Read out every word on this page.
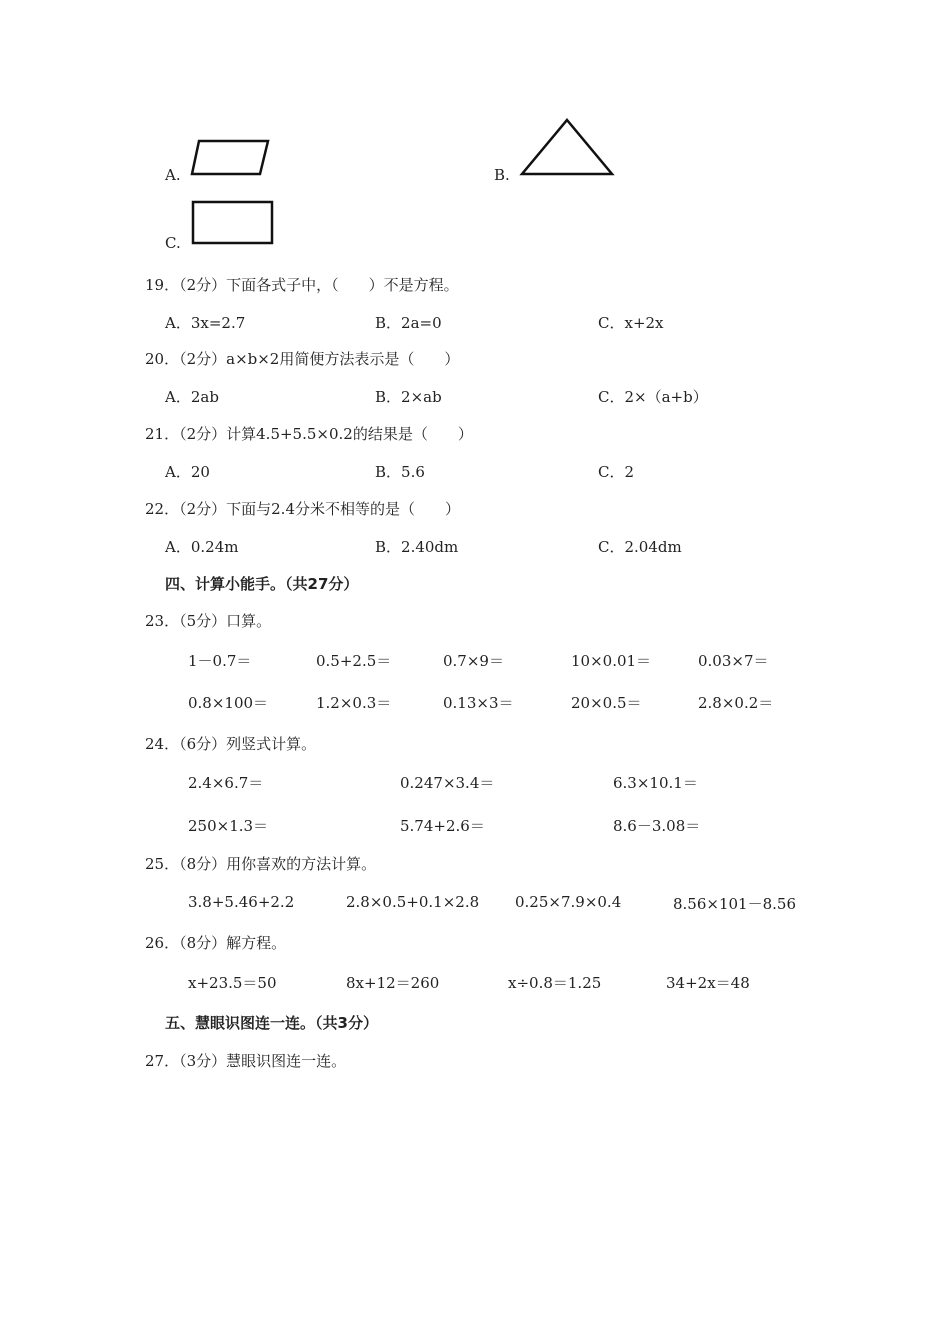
A.	B.
C.
19．（2分）下面各式子中，（　　）不是方程。
A．3x=2.7	B．2a=0	C．x+2x
20．（2分）a×b×2用简便方法表示是（　　）
A．2ab	B．2×ab	C．2×（a+b）
21．（2分）计算4.5+5.5×0.2的结果是（　　）
A．20	B．5.6	C．2
22．（2分）下面与2.4分米不相等的是（　　）
A．0.24m	B．2.40dm	C．2.04dm
四、计算小能手。（共27分）
23．（5分）口算。
1－0.7＝	0.5+2.5＝	0.7×9＝	10×0.01＝	0.03×7＝
0.8×100＝	1.2×0.3＝	0.13×3＝	20×0.5＝	2.8×0.2＝
24．（6分）列竖式计算。
2.4×6.7＝	0.247×3.4＝	6.3×10.1＝
250×1.3＝	5.74+2.6＝	8.6－3.08＝
25．（8分）用你喜欢的方法计算。
3.8+5.46+2.2	2.8×0.5+0.1×2.8 0.25×7.9×0.4	8.56×101－8.56
26．（8分）解方程。
x+23.5＝50	8x+12＝260	x÷0.8＝1.25	34+2x＝48
五、慧眼识图连一连。（共3分）
27．（3分）慧眼识图连一连。
